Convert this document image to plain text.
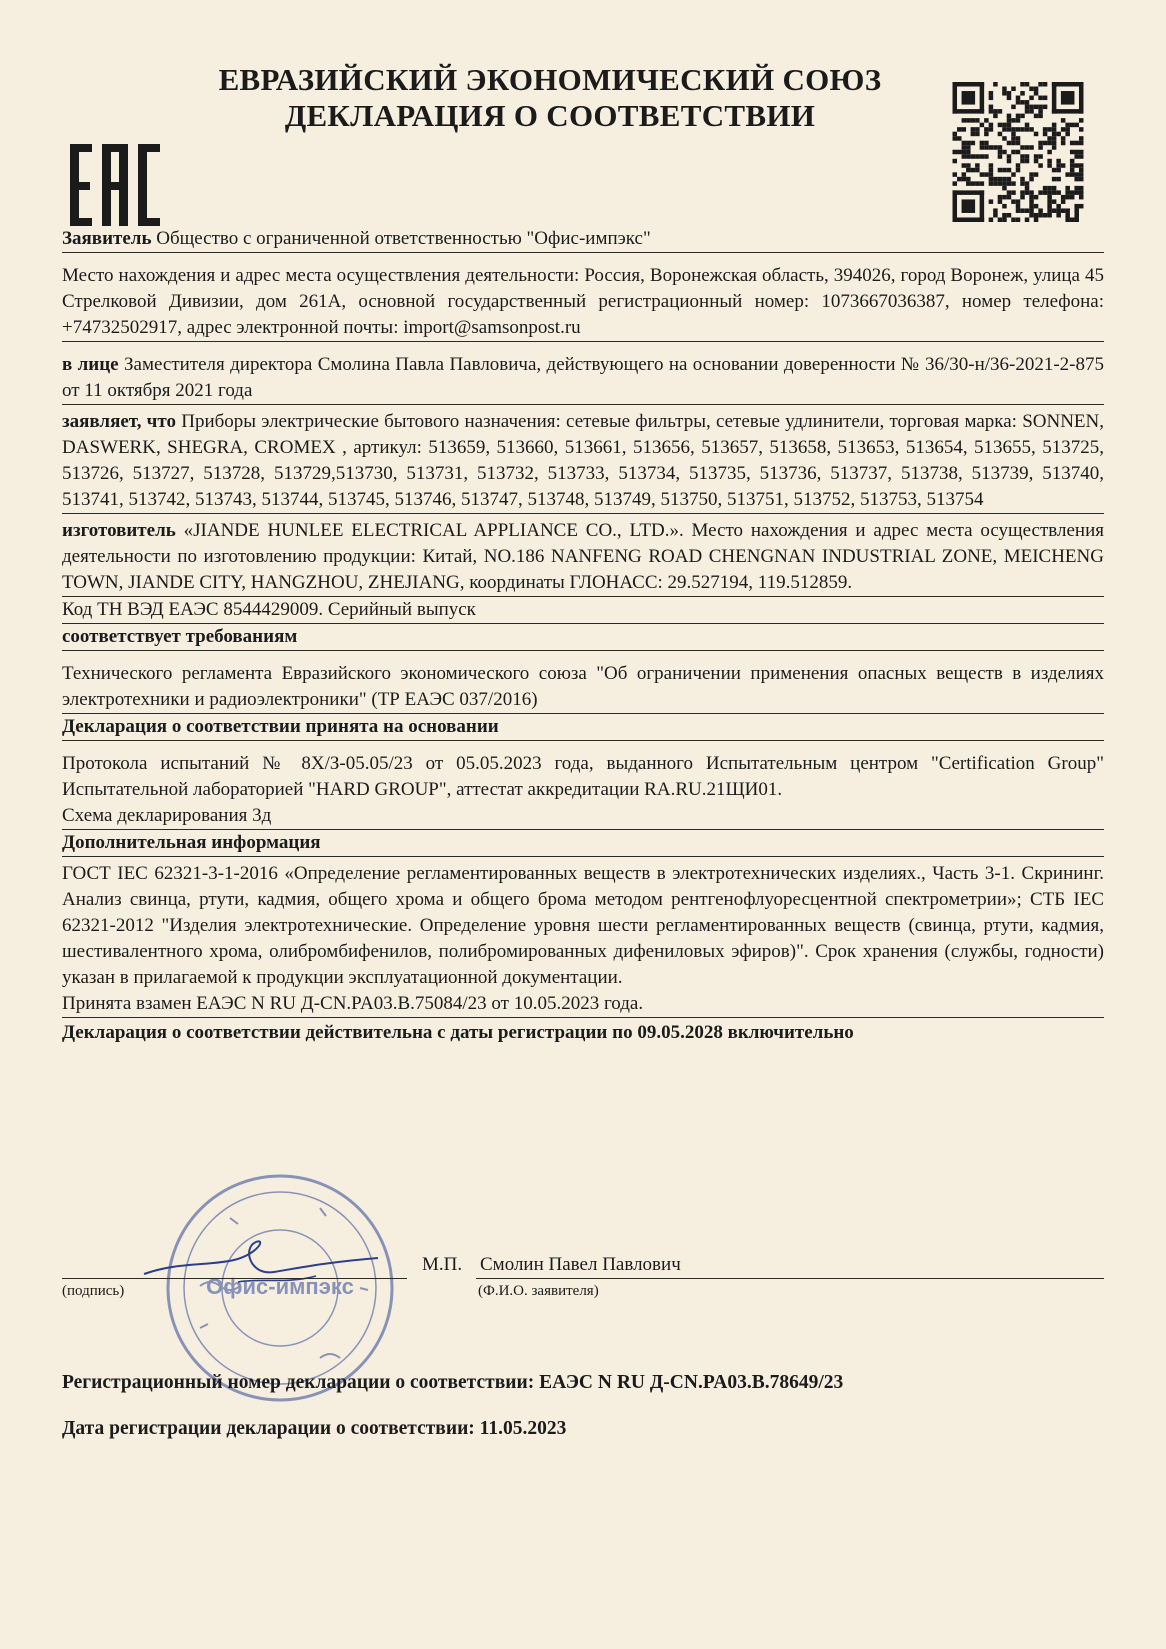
ЕВРАЗИЙСКИЙ ЭКОНОМИЧЕСКИЙ СОЮЗ
ДЕКЛАРАЦИЯ О СООТВЕТСТВИИ

Заявитель Общество с ограниченной ответственностью "Офис-импэкс"

Место нахождения и адрес места осуществления деятельности: Россия, Воронежская область, 394026, город Воронеж, улица 45 Стрелковой Дивизии, дом 261А, основной государственный регистрационный номер: 1073667036387, номер телефона: +74732502917, адрес электронной почты: import@samsonpost.ru

в лице Заместителя директора Смолина Павла Павловича, действующего на основании доверенности № 36/30-н/36-2021-2-875 от 11 октября 2021 года

заявляет, что Приборы электрические бытового назначения: сетевые фильтры, сетевые удлинители, торговая марка: SONNEN, DASWERK, SHEGRA, CROMEX , артикул: 513659, 513660, 513661, 513656, 513657, 513658, 513653, 513654, 513655, 513725, 513726, 513727, 513728, 513729,513730, 513731, 513732, 513733, 513734, 513735, 513736, 513737, 513738, 513739, 513740, 513741, 513742, 513743, 513744, 513745, 513746, 513747, 513748, 513749, 513750, 513751, 513752, 513753, 513754

изготовитель «JIANDE HUNLEE ELECTRICAL APPLIANCE CO., LTD.». Место нахождения и адрес места осуществления деятельности по изготовлению продукции: Китай, NO.186 NANFENG ROAD CHENGNAN INDUSTRIAL ZONE, MEICHENG TOWN, JIANDE CITY, HANGZHOU, ZHEJIANG, координаты ГЛОНАСС: 29.527194, 119.512859.

Код ТН ВЭД ЕАЭС 8544429009. Серийный выпуск

соответствует требованиям

Технического регламента Евразийского экономического союза "Об ограничении применения опасных веществ в изделиях электротехники и радиоэлектроники" (ТР ЕАЭС 037/2016)

Декларация о соответствии принята на основании

Протокола испытаний № 8Х/З-05.05/23 от 05.05.2023 года, выданного Испытательным центром "Certification Group" Испытательной лабораторией "HARD GROUP", аттестат аккредитации RA.RU.21ЩИ01.

Схема декларирования 3д

Дополнительная информация

ГОСТ IEC 62321-3-1-2016 «Определение регламентированных веществ в электротехнических изделиях., Часть 3-1. Скрининг. Анализ свинца, ртути, кадмия, общего хрома и общего брома методом рентгенофлуоресцентной спектрометрии»; СТБ IEC 62321-2012 "Изделия электротехнические. Определение уровня шести регламентированных веществ (свинца, ртути, кадмия, шестивалентного хрома, олибромбифенилов, полибромированных дифениловых эфиров)". Срок хранения (службы, годности) указан в прилагаемой к продукции эксплуатационной документации.

Принята взамен ЕАЭС N RU Д-CN.PA03.B.75084/23 от 10.05.2023 года.

Декларация о соответствии действительна с даты регистрации по 09.05.2028 включительно
Офис-импэкс
М.П. Смолин Павел Павлович
(подпись)	(Ф.И.О. заявителя)
Регистрационный номер декларации о соответствии: ЕАЭС N RU Д-CN.PA03.B.78649/23
Дата регистрации декларации о соответствии: 11.05.2023
